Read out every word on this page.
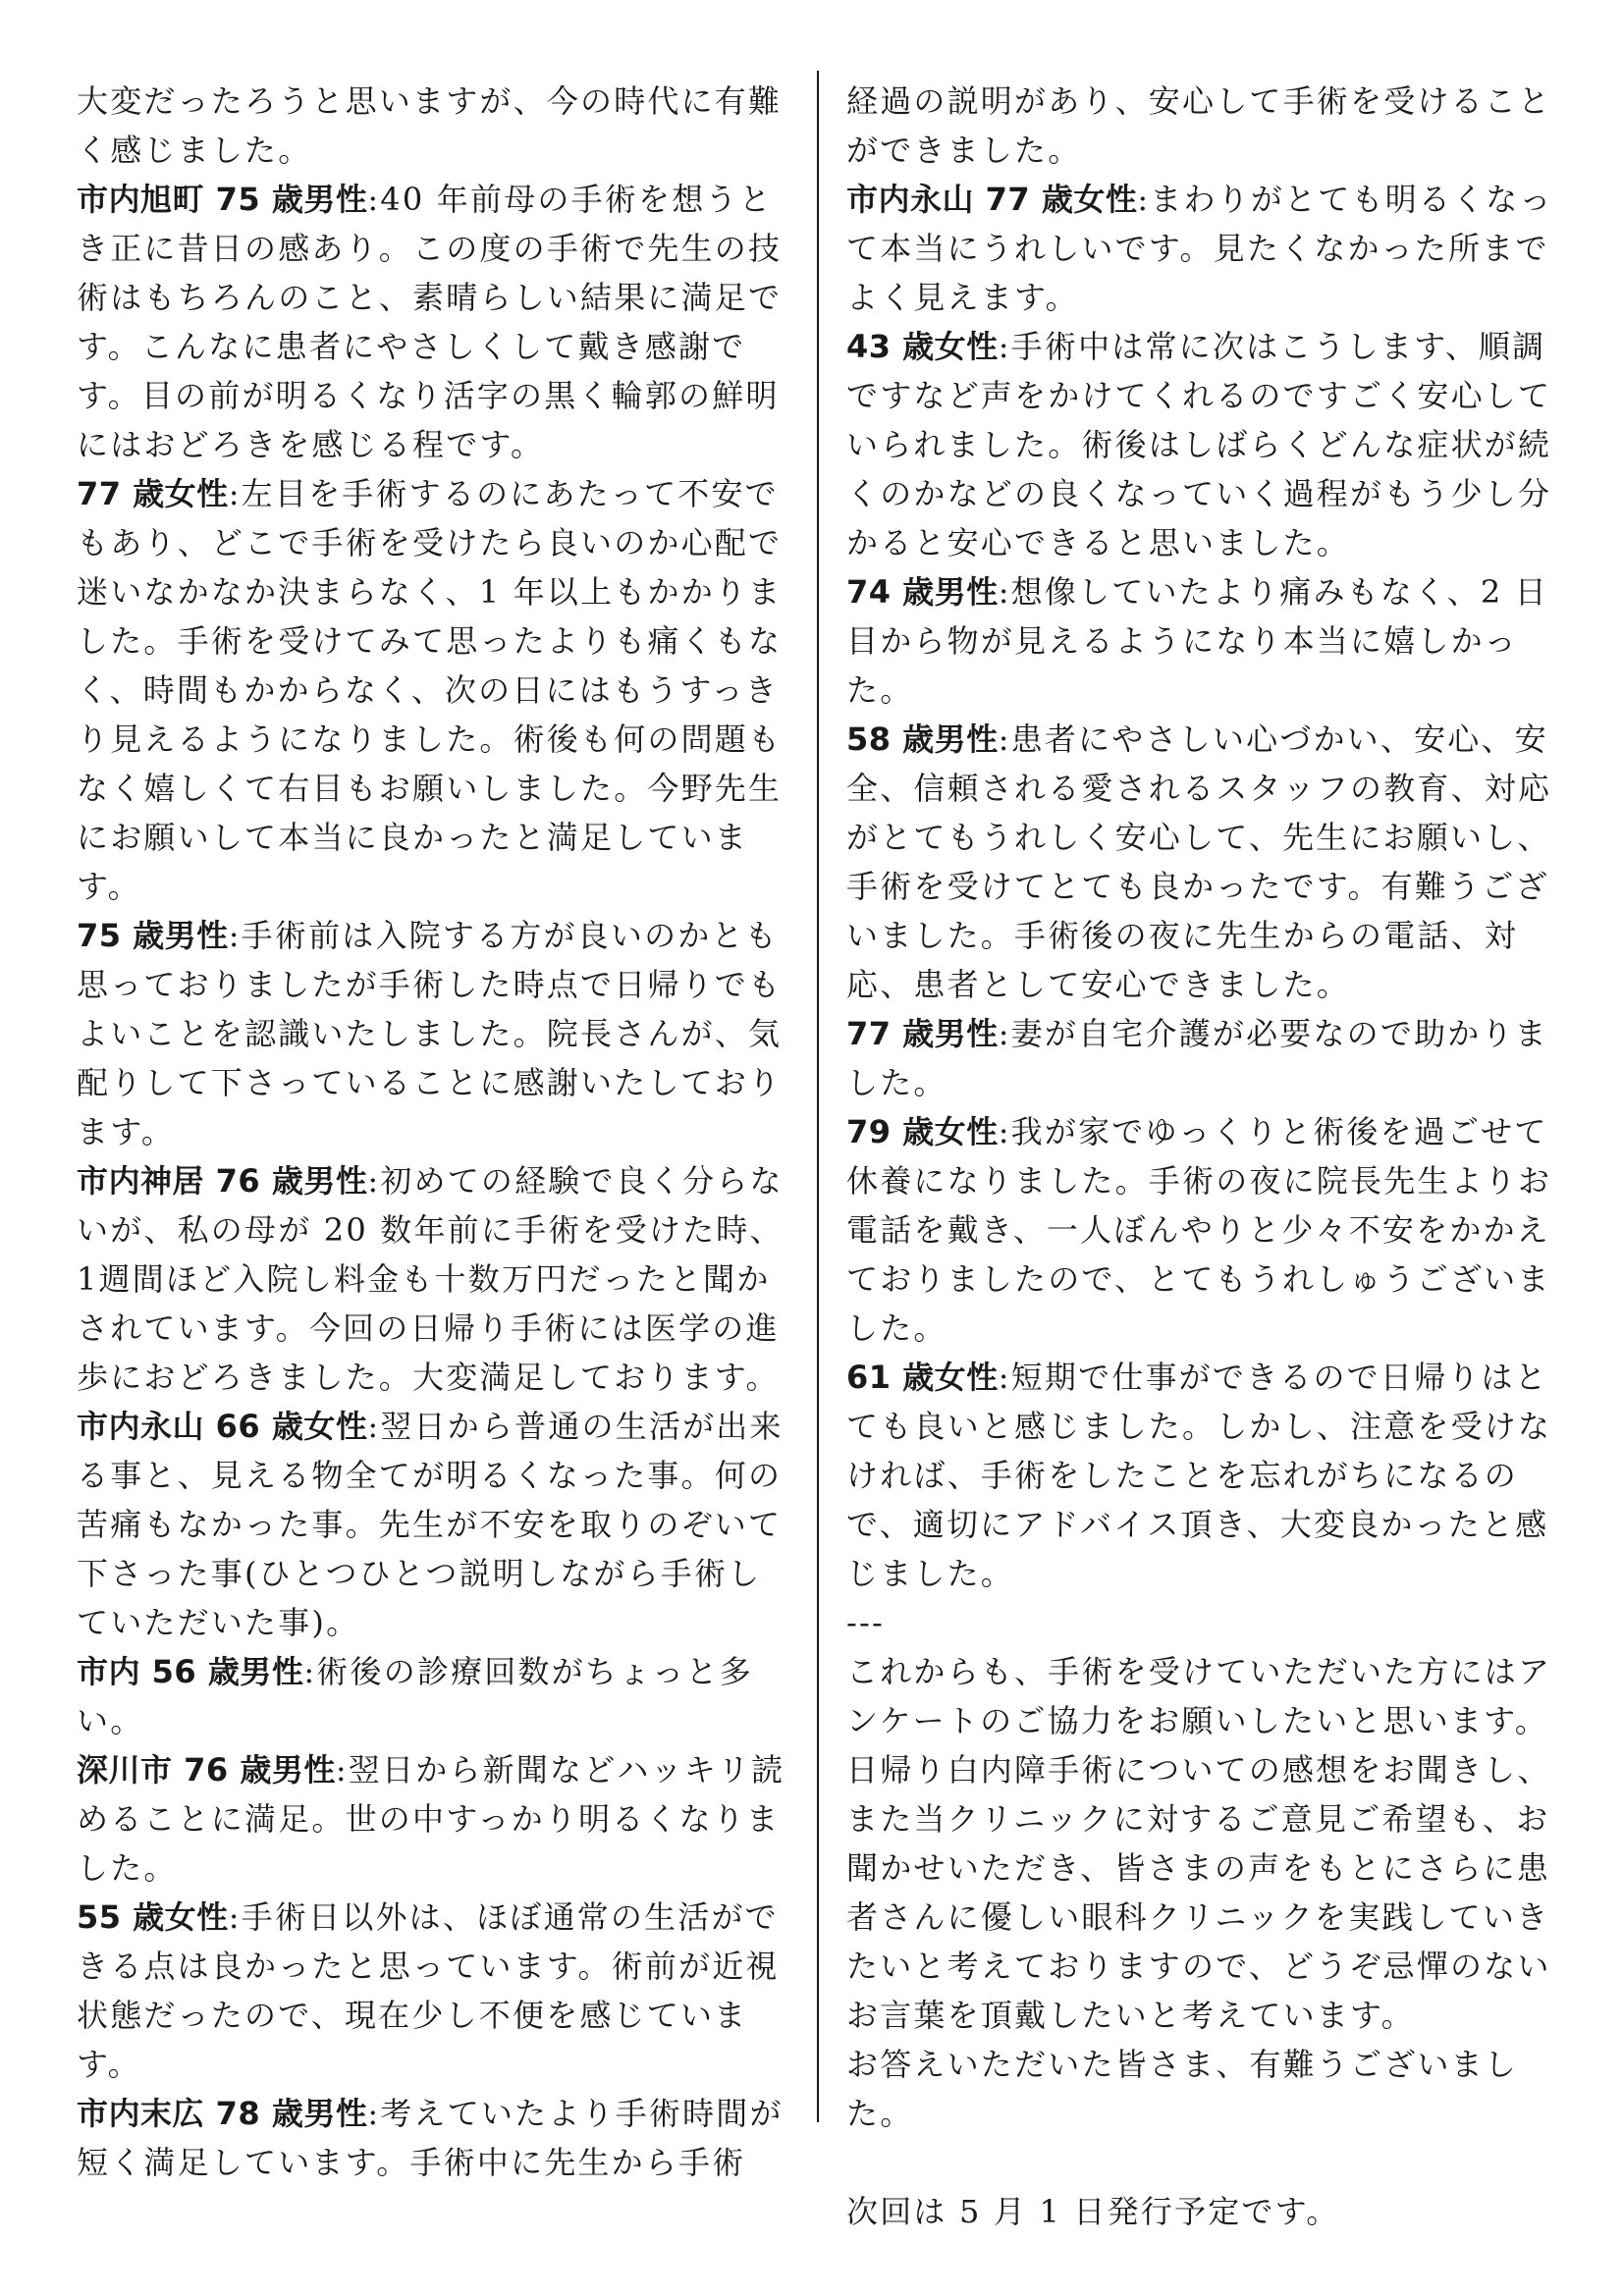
大変だったろうと思いますが、今の時代に有難く感じました。

市内旭町 75 歳男性:40 年前母の手術を想うとき正に昔日の感あり。この度の手術で先生の技術はもちろんのこと、素晴らしい結果に満足です。こんなに患者にやさしくして戴き感謝です。目の前が明るくなり活字の黒く輪郭の鮮明にはおどろきを感じる程です。

77 歳女性:左目を手術するのにあたって不安でもあり、どこで手術を受けたら良いのか心配で迷いなかなか決まらなく、1 年以上もかかりました。手術を受けてみて思ったよりも痛くもなく、時間もかからなく、次の日にはもうすっきり見えるようになりました。術後も何の問題もなく嬉しくて右目もお願いしました。今野先生にお願いして本当に良かったと満足しています。

75 歳男性:手術前は入院する方が良いのかとも思っておりましたが手術した時点で日帰りでもよいことを認識いたしました。院長さんが、気配りして下さっていることに感謝いたしております。

市内神居 76 歳男性:初めての経験で良く分らないが、私の母が 20 数年前に手術を受けた時、1週間ほど入院し料金も十数万円だったと聞かされています。今回の日帰り手術には医学の進歩におどろきました。大変満足しております。

市内永山 66 歳女性:翌日から普通の生活が出来る事と、見える物全てが明るくなった事。何の苦痛もなかった事。先生が不安を取りのぞいて下さった事(ひとつひとつ説明しながら手術していただいた事)。

市内 56 歳男性:術後の診療回数がちょっと多い。

深川市 76 歳男性:翌日から新聞などハッキリ読めることに満足。世の中すっかり明るくなりました。

55 歳女性:手術日以外は、ほぼ通常の生活ができる点は良かったと思っています。術前が近視状態だったので、現在少し不便を感じています。

市内末広 78 歳男性:考えていたより手術時間が短く満足しています。手術中に先生から手術

経過の説明があり、安心して手術を受けることができました。

市内永山 77 歳女性:まわりがとても明るくなって本当にうれしいです。見たくなかった所までよく見えます。

43 歳女性:手術中は常に次はこうします、順調ですなど声をかけてくれるのですごく安心していられました。術後はしばらくどんな症状が続くのかなどの良くなっていく過程がもう少し分かると安心できると思いました。

74 歳男性:想像していたより痛みもなく、2 日目から物が見えるようになり本当に嬉しかった。

58 歳男性:患者にやさしい心づかい、安心、安全、信頼される愛されるスタッフの教育、対応がとてもうれしく安心して、先生にお願いし、手術を受けてとても良かったです。有難うございました。手術後の夜に先生からの電話、対応、患者として安心できました。

77 歳男性:妻が自宅介護が必要なので助かりました。

79 歳女性:我が家でゆっくりと術後を過ごせて休養になりました。手術の夜に院長先生よりお電話を戴き、一人ぼんやりと少々不安をかかえておりましたので、とてもうれしゅうございました。

61 歳女性:短期で仕事ができるので日帰りはとても良いと感じました。しかし、注意を受けなければ、手術をしたことを忘れがちになるので、適切にアドバイス頂き、大変良かったと感じました。

---

これからも、手術を受けていただいた方にはアンケートのご協力をお願いしたいと思います。日帰り白内障手術についての感想をお聞きし、また当クリニックに対するご意見ご希望も、お聞かせいただき、皆さまの声をもとにさらに患者さんに優しい眼科クリニックを実践していきたいと考えておりますので、どうぞ忌憚のないお言葉を頂戴したいと考えています。

お答えいただいた皆さま、有難うございました。

次回は 5 月 1 日発行予定です。
